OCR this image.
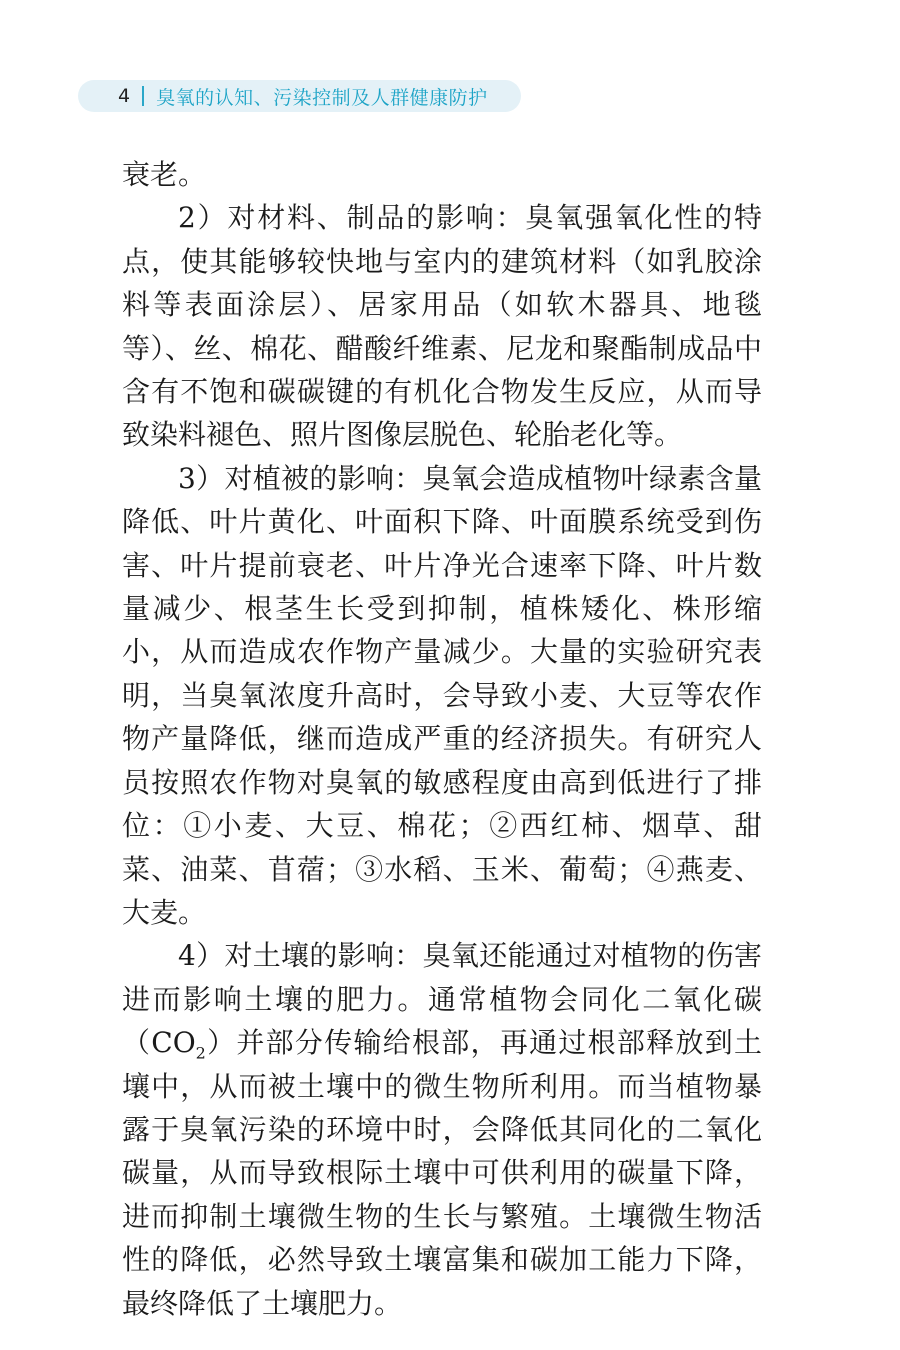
4 臭氧的认知、污染控制及人群健康防护

衰老。

2）对材料、制品的影响：臭氧强氧化性的特点，使其能够较快地与室内的建筑材料（如乳胶涂料等表面涂层）、居家用品（如软木器具、地毯等）、丝、棉花、醋酸纤维素、尼龙和聚酯制成品中含有不饱和碳碳键的有机化合物发生反应，从而导致染料褪色、照片图像层脱色、轮胎老化等。

3）对植被的影响：臭氧会造成植物叶绿素含量降低、叶片黄化、叶面积下降、叶面膜系统受到伤害、叶片提前衰老、叶片净光合速率下降、叶片数量减少、根茎生长受到抑制，植株矮化、株形缩小，从而造成农作物产量减少。大量的实验研究表明，当臭氧浓度升高时，会导致小麦、大豆等农作物产量降低，继而造成严重的经济损失。有研究人员按照农作物对臭氧的敏感程度由高到低进行了排位：①小麦、大豆、棉花；②西红柿、烟草、甜菜、油菜、苜蓿；③水稻、玉米、葡萄；④燕麦、大麦。

4）对土壤的影响：臭氧还能通过对植物的伤害进而影响土壤的肥力。通常植物会同化二氧化碳$(CO_2)$并部分传输给根部，再通过根部释放到土壤中，从而被土壤中的微生物所利用。而当植物暴露于臭氧污染的环境中时，会降低其同化的二氧化碳量，从而导致根际土壤中可供利用的碳量下降，进而抑制土壤微生物的生长与繁殖。土壤微生物活性的降低，必然导致土壤富集和碳加工能力下降，最终降低了土壤肥力。
